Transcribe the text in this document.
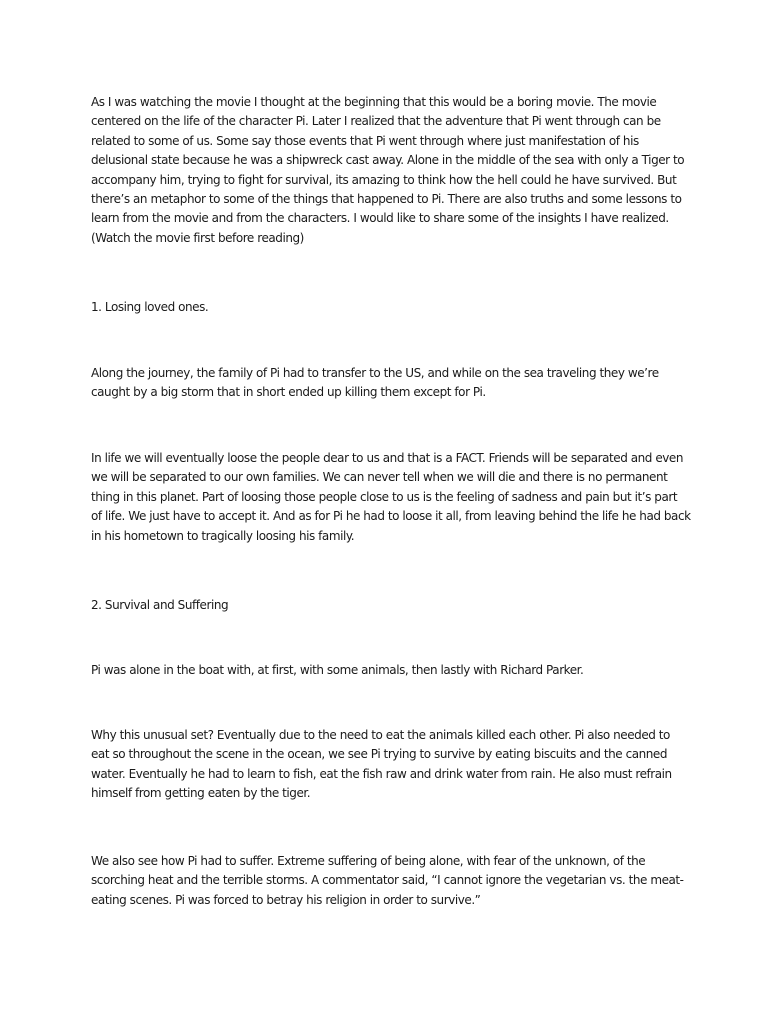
As I was watching the movie I thought at the beginning that this would be a boring movie. The movie centered on the life of the character Pi. Later I realized that the adventure that Pi went through can be related to some of us. Some say those events that Pi went through where just manifestation of his delusional state because he was a shipwreck cast away. Alone in the middle of the sea with only a Tiger to accompany him, trying to fight for survival, its amazing to think how the hell could he have survived. But there’s an metaphor to some of the things that happened to Pi. There are also truths and some lessons to learn from the movie and from the characters. I would like to share some of the insights I have realized. (Watch the movie first before reading)

1. Losing loved ones.

Along the journey, the family of Pi had to transfer to the US, and while on the sea traveling they we’re caught by a big storm that in short ended up killing them except for Pi.

In life we will eventually loose the people dear to us and that is a FACT. Friends will be separated and even we will be separated to our own families. We can never tell when we will die and there is no permanent thing in this planet. Part of loosing those people close to us is the feeling of sadness and pain but it’s part of life. We just have to accept it. And as for Pi he had to loose it all, from leaving behind the life he had back in his hometown to tragically loosing his family.

2. Survival and Suffering

Pi was alone in the boat with, at first, with some animals, then lastly with Richard Parker.

Why this unusual set? Eventually due to the need to eat the animals killed each other. Pi also needed to eat so throughout the scene in the ocean, we see Pi trying to survive by eating biscuits and the canned water. Eventually he had to learn to fish, eat the fish raw and drink water from rain. He also must refrain himself from getting eaten by the tiger.

We also see how Pi had to suffer. Extreme suffering of being alone, with fear of the unknown, of the scorching heat and the terrible storms. A commentator said, “I cannot ignore the vegetarian vs. the meat-eating scenes. Pi was forced to betray his religion in order to survive.”
